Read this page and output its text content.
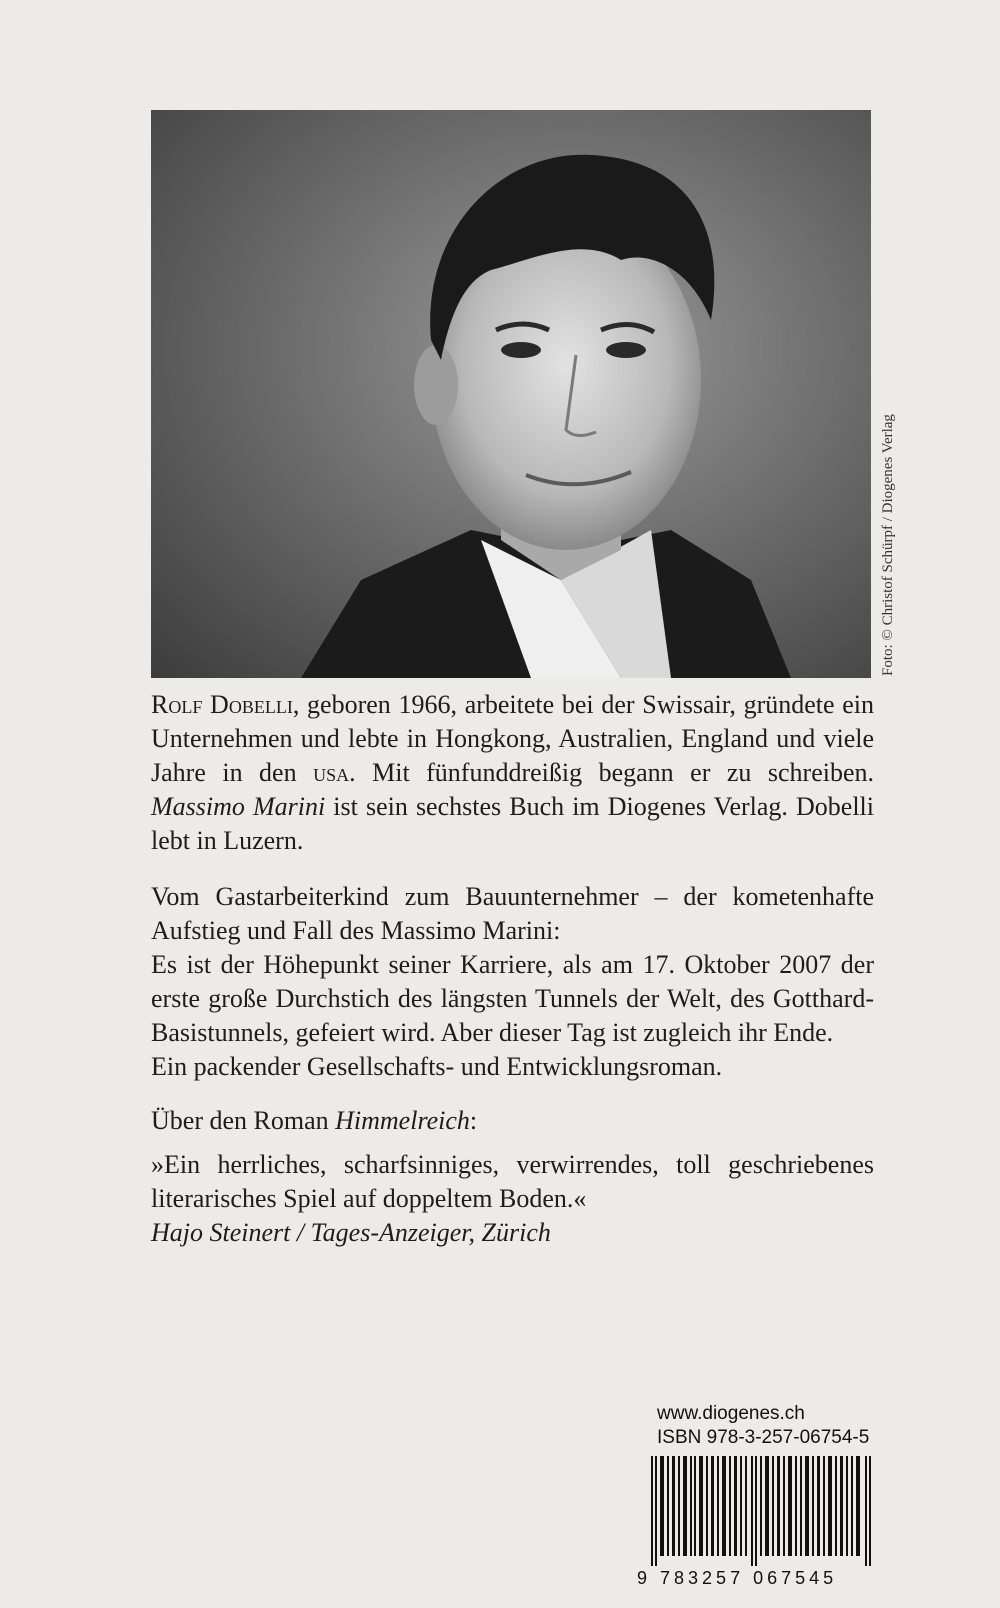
Foto: © Christof Schürpf / Diogenes Verlag

Rolf Dobelli, geboren 1966, arbeitete bei der Swissair, gründete ein Unternehmen und lebte in Hongkong, Australien, England und viele Jahre in den usa. Mit fünfunddreißig begann er zu schreiben. Massimo Marini ist sein sechstes Buch im Diogenes Verlag. Dobelli lebt in Luzern.

Vom Gastarbeiterkind zum Bauunternehmer – der kometenhafte Aufstieg und Fall des Massimo Marini:

Es ist der Höhepunkt seiner Karriere, als am 17. Oktober 2007 der erste große Durchstich des längsten Tunnels der Welt, des Gotthard-Basistunnels, gefeiert wird. Aber dieser Tag ist zugleich ihr Ende.

Ein packender Gesellschafts- und Entwicklungsroman.

Über den Roman Himmelreich:

»Ein herrliches, scharfsinniges, verwirrendes, toll geschriebenes literarisches Spiel auf doppeltem Boden.«

Hajo Steinert / Tages-Anzeiger, Zürich

www.diogenes.ch
ISBN 978-3-257-06754-5
9 783257 067545
